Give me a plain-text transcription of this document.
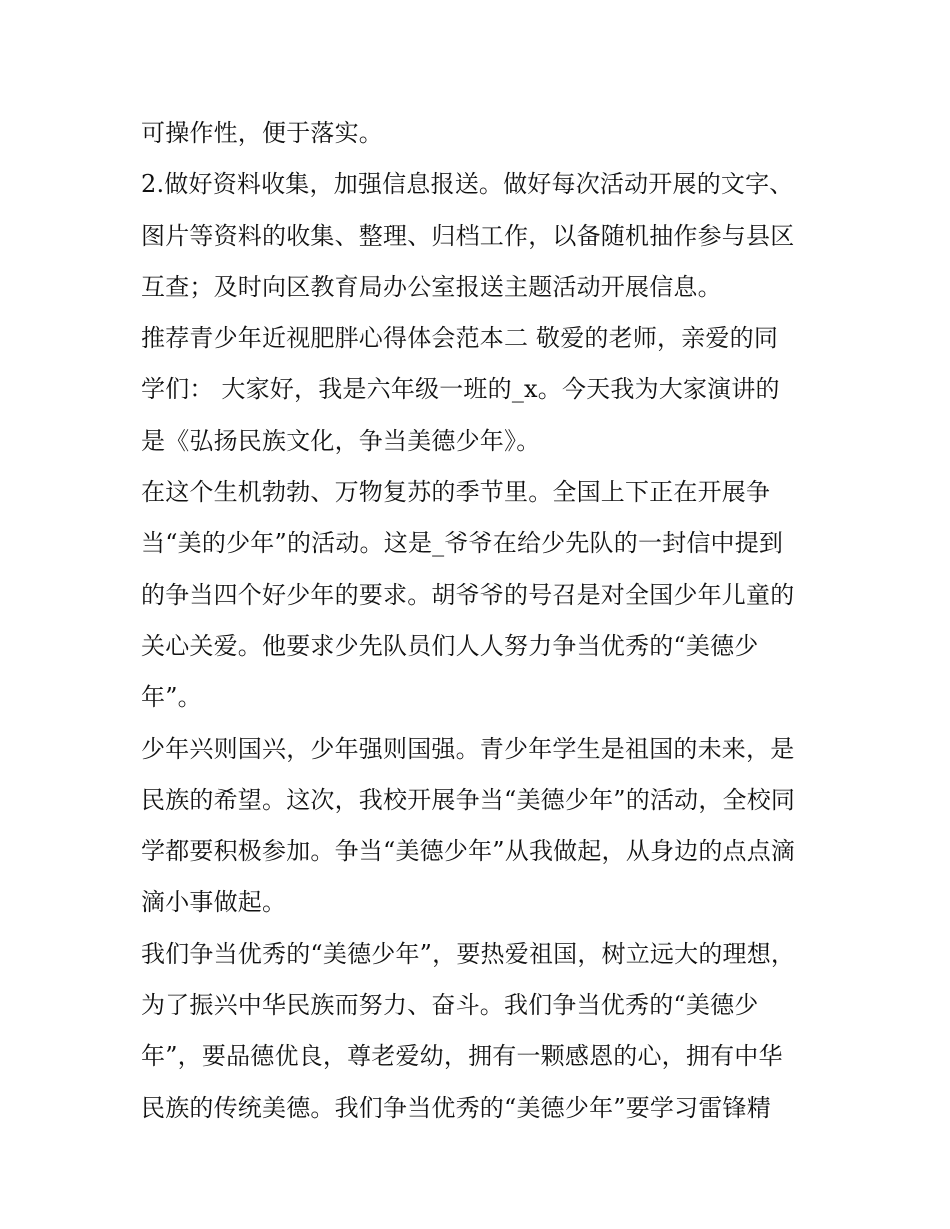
可操作性，便于落实。
2.做好资料收集，加强信息报送。做好每次活动开展的文字、
图片等资料的收集、整理、归档工作，以备随机抽作参与县区
互查；及时向区教育局办公室报送主题活动开展信息。
推荐青少年近视肥胖心得体会范本二 敬爱的老师，亲爱的同
学们： 大家好，我是六年级一班的_x。今天我为大家演讲的
是《弘扬民族文化，争当美德少年》。
在这个生机勃勃、万物复苏的季节里。全国上下正在开展争
当“美的少年”的活动。这是_爷爷在给少先队的一封信中提到
的争当四个好少年的要求。胡爷爷的号召是对全国少年儿童的
关心关爱。他要求少先队员们人人努力争当优秀的“美德少
年”。
少年兴则国兴，少年强则国强。青少年学生是祖国的未来，是
民族的希望。这次，我校开展争当“美德少年”的活动，全校同
学都要积极参加。争当“美德少年”从我做起，从身边的点点滴
滴小事做起。
我们争当优秀的“美德少年”，要热爱祖国，树立远大的理想，
为了振兴中华民族而努力、奋斗。我们争当优秀的“美德少
年”，要品德优良，尊老爱幼，拥有一颗感恩的心，拥有中华
民族的传统美德。我们争当优秀的“美德少年”要学习雷锋精
